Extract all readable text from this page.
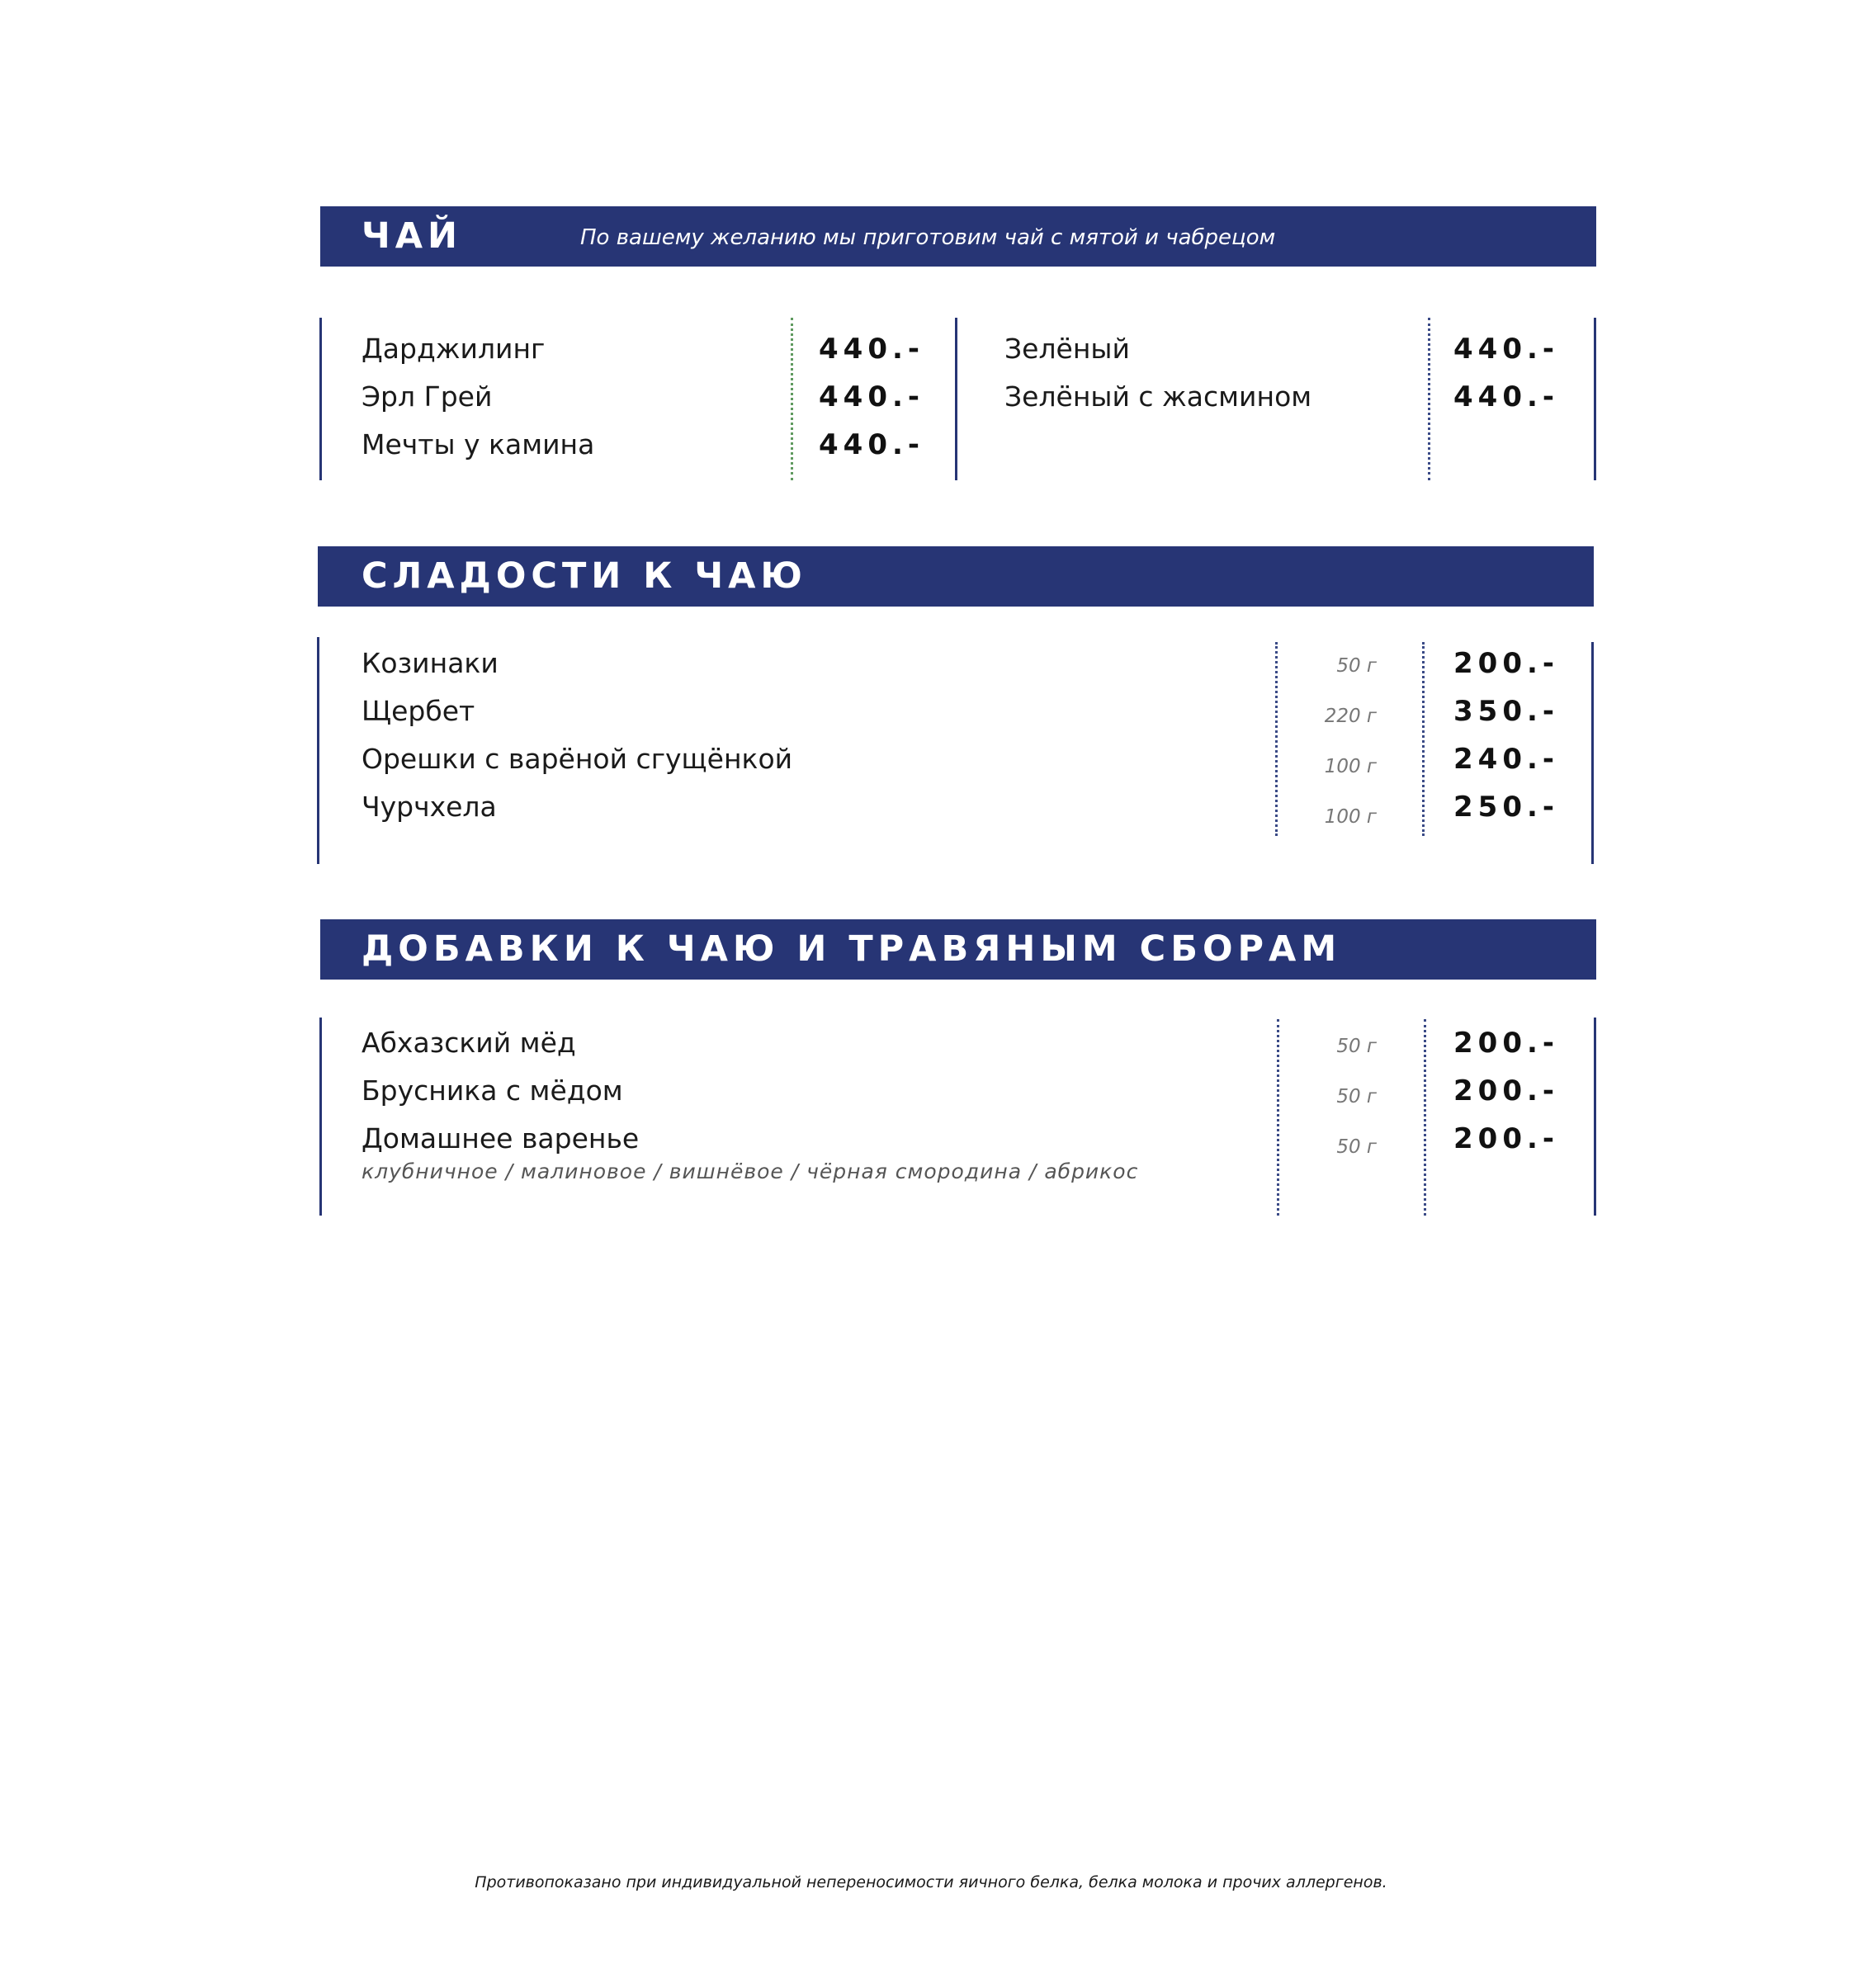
ЧАЙ	По вашему желанию мы приготовим чай с мятой и чабрецом
Дарджилинг	440.-
Эрл Грей	440.-
Мечты у камина	440.-
Зелёный	440.-
Зелёный с жасмином	440.-
СЛАДОСТИ К ЧАЮ
Козинаки	50 г	200.-
Щербет	220 г	350.-
Орешки с варёной сгущёнкой	100 г	240.-
Чурчхела	100 г	250.-
ДОБАВКИ К ЧАЮ И ТРАВЯНЫМ СБОРАМ
Абхазский мёд	50 г	200.-
Брусника с мёдом	50 г	200.-
Домашнее варенье	50 г	200.-
клубничное / малиновое / вишнёвое / чёрная смородина / абрикос
Противопоказано при индивидуальной непереносимости яичного белка, белка молока и прочих аллергенов.
